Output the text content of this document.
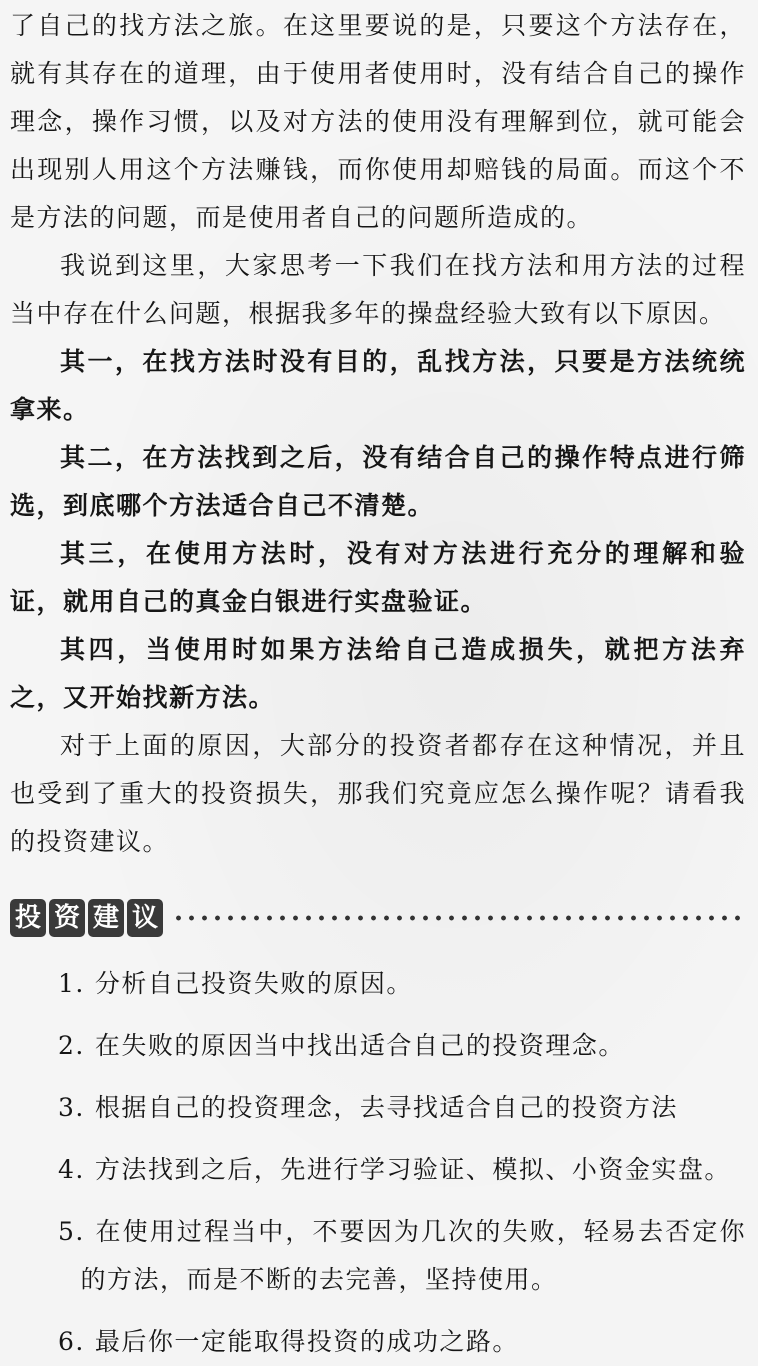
了自己的找方法之旅。在这里要说的是，只要这个方法存在，就有其存在的道理，由于使用者使用时，没有结合自己的操作理念，操作习惯，以及对方法的使用没有理解到位，就可能会出现别人用这个方法赚钱，而你使用却赔钱的局面。而这个不是方法的问题，而是使用者自己的问题所造成的。

我说到这里，大家思考一下我们在找方法和用方法的过程当中存在什么问题，根据我多年的操盘经验大致有以下原因。

其一，在找方法时没有目的，乱找方法，只要是方法统统拿来。

其二，在方法找到之后，没有结合自己的操作特点进行筛选，到底哪个方法适合自己不清楚。

其三，在使用方法时，没有对方法进行充分的理解和验证，就用自己的真金白银进行实盘验证。

其四，当使用时如果方法给自己造成损失，就把方法弃之，又开始找新方法。

对于上面的原因，大部分的投资者都存在这种情况，并且也受到了重大的投资损失，那我们究竟应怎么操作呢？请看我的投资建议。

投 资 建 议

1. 分析自己投资失败的原因。

2. 在失败的原因当中找出适合自己的投资理念。

3. 根据自己的投资理念，去寻找适合自己的投资方法

4. 方法找到之后，先进行学习验证、模拟、小资金实盘。

5. 在使用过程当中，不要因为几次的失败，轻易去否定你的方法，而是不断的去完善，坚持使用。

6. 最后你一定能取得投资的成功之路。
